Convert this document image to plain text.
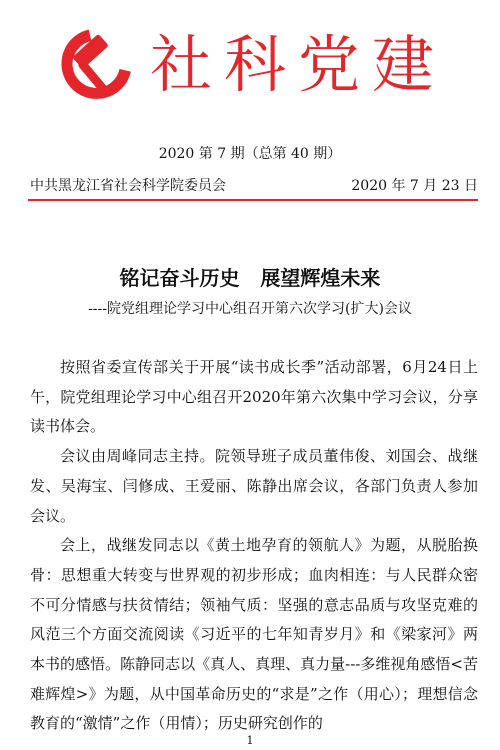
社科党建
2020 第 7 期（总第 40 期）
中共黑龙江省社会科学院委员会	2020 年 7 月 23 日
铭记奋斗历史   展望辉煌未来
----院党组理论学习中心组召开第六次学习(扩大)会议

按照省委宣传部关于开展“读书成长季”活动部署，6月24日上午，院党组理论学习中心组召开2020年第六次集中学习会议，分享读书体会。

会议由周峰同志主持。院领导班子成员董伟俊、刘国会、战继发、吴海宝、闫修成、王爱丽、陈静出席会议，各部门负责人参加会议。

会上，战继发同志以《黄土地孕育的领航人》为题，从脱胎换骨：思想重大转变与世界观的初步形成；血肉相连：与人民群众密不可分情感与扶贫情结；领袖气质：坚强的意志品质与攻坚克难的风范三个方面交流阅读《习近平的七年知青岁月》和《梁家河》两本书的感悟。陈静同志以《真人、真理、真力量---多维视角感悟<苦难辉煌>》为题，从中国革命历史的“求是”之作（用心）；理想信念教育的“激情”之作（用情）；历史研究创作的

1
